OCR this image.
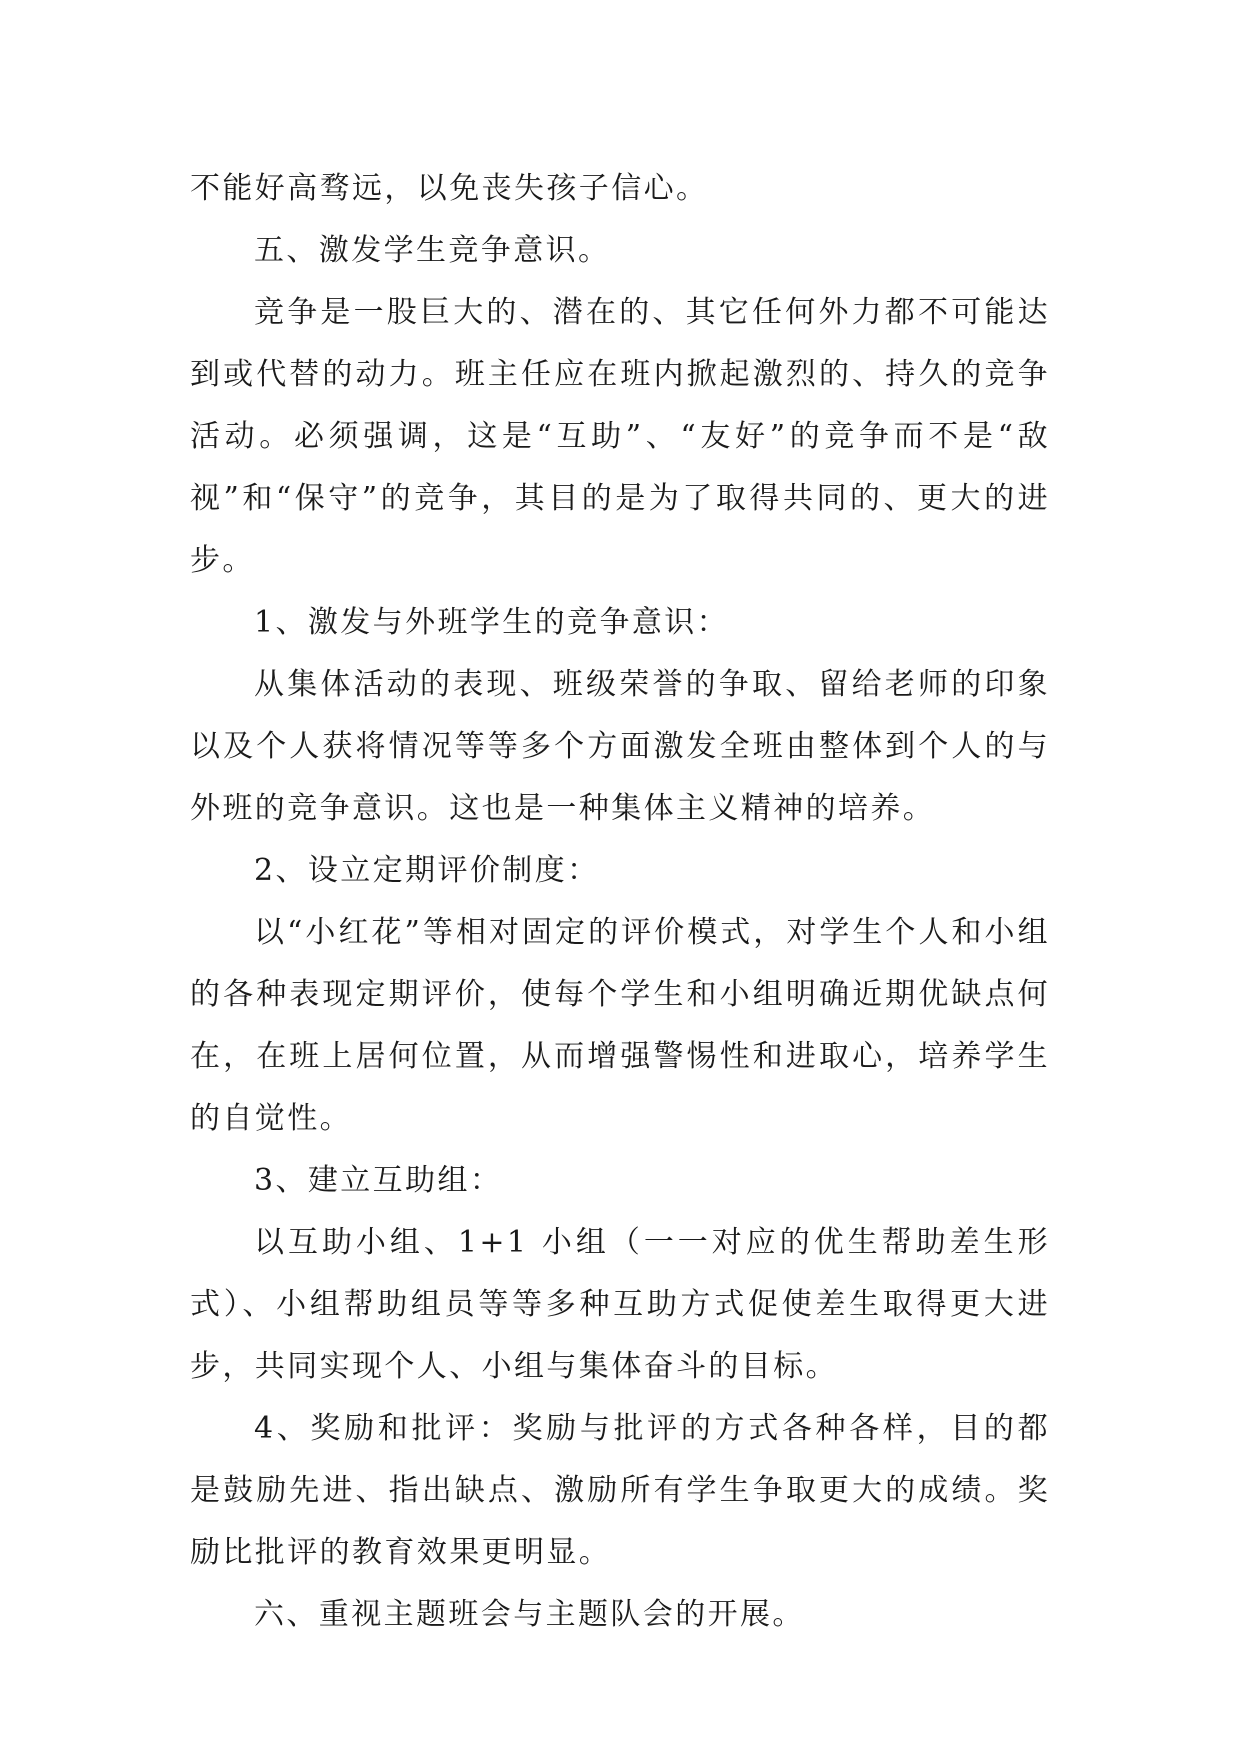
不能好高骛远，以免丧失孩子信心。

五、激发学生竞争意识。

竞争是一股巨大的、潜在的、其它任何外力都不可能达到或代替的动力。班主任应在班内掀起激烈的、持久的竞争活动。必须强调，这是“互助”、“友好”的竞争而不是“敌视”和“保守”的竞争，其目的是为了取得共同的、更大的进步。

1、激发与外班学生的竞争意识：

从集体活动的表现、班级荣誉的争取、留给老师的印象以及个人获将情况等等多个方面激发全班由整体到个人的与外班的竞争意识。这也是一种集体主义精神的培养。

2、设立定期评价制度：

以“小红花”等相对固定的评价模式，对学生个人和小组的各种表现定期评价，使每个学生和小组明确近期优缺点何在，在班上居何位置，从而增强警惕性和进取心，培养学生的自觉性。

3、建立互助组：

以互助小组、1+1 小组（一一对应的优生帮助差生形式）、小组帮助组员等等多种互助方式促使差生取得更大进步，共同实现个人、小组与集体奋斗的目标。

4、奖励和批评：奖励与批评的方式各种各样，目的都是鼓励先进、指出缺点、激励所有学生争取更大的成绩。奖励比批评的教育效果更明显。

六、重视主题班会与主题队会的开展。
